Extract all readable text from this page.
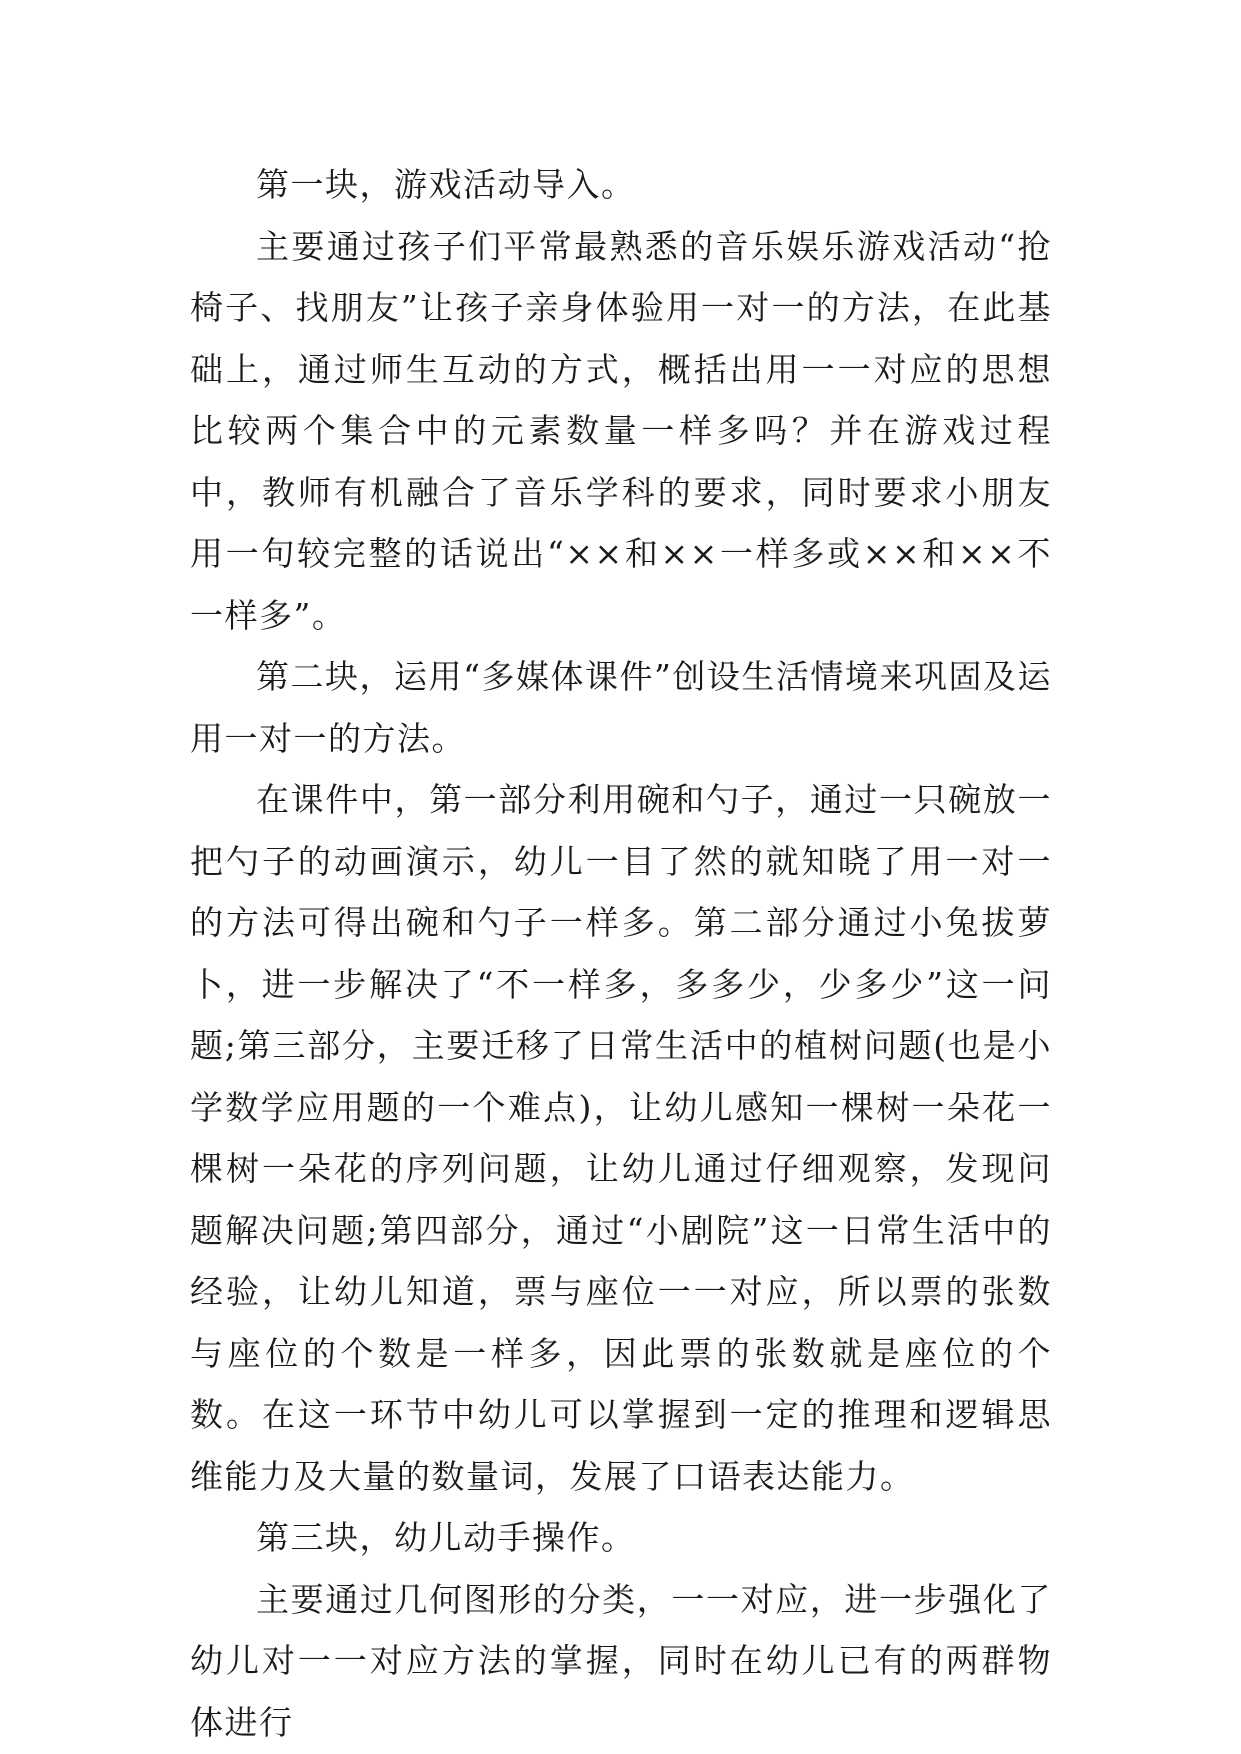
第一块，游戏活动导入。

主要通过孩子们平常最熟悉的音乐娱乐游戏活动“抢椅子、找朋友”让孩子亲身体验用一对一的方法，在此基础上，通过师生互动的方式，概括出用一一对应的思想比较两个集合中的元素数量一样多吗？并在游戏过程中，教师有机融合了音乐学科的要求，同时要求小朋友用一句较完整的话说出“××和××一样多或××和××不一样多”。

第二块，运用“多媒体课件”创设生活情境来巩固及运用一对一的方法。

在课件中，第一部分利用碗和勺子，通过一只碗放一把勺子的动画演示，幼儿一目了然的就知晓了用一对一的方法可得出碗和勺子一样多。第二部分通过小兔拔萝卜，进一步解决了“不一样多，多多少，少多少”这一问题;第三部分，主要迁移了日常生活中的植树问题(也是小学数学应用题的一个难点)，让幼儿感知一棵树一朵花一棵树一朵花的序列问题，让幼儿通过仔细观察，发现问题解决问题;第四部分，通过“小剧院”这一日常生活中的经验，让幼儿知道，票与座位一一对应，所以票的张数与座位的个数是一样多，因此票的张数就是座位的个数。在这一环节中幼儿可以掌握到一定的推理和逻辑思维能力及大量的数量词，发展了口语表达能力。

第三块，幼儿动手操作。

主要通过几何图形的分类，一一对应，进一步强化了幼儿对一一对应方法的掌握，同时在幼儿已有的两群物体进行
